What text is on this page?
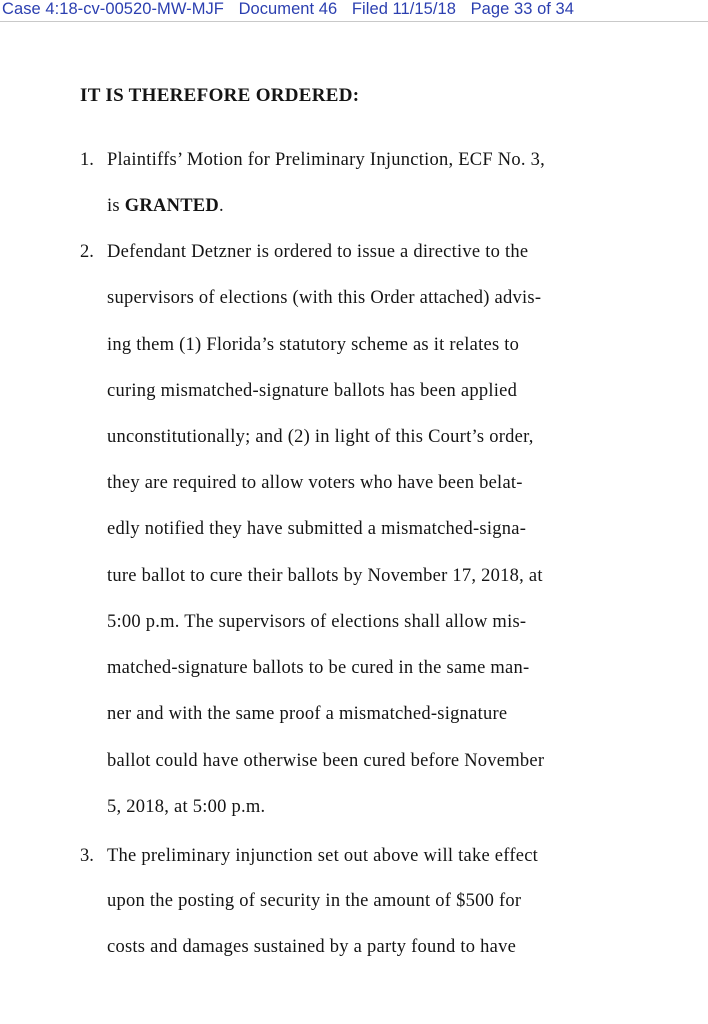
Case 4:18-cv-00520-MW-MJF Document 46 Filed 11/15/18 Page 33 of 34
IT IS THEREFORE ORDERED:
1. Plaintiffs’ Motion for Preliminary Injunction, ECF No. 3,
is GRANTED.
2. Defendant Detzner is ordered to issue a directive to the
supervisors of elections (with this Order attached) advis-
ing them (1) Florida’s statutory scheme as it relates to
curing mismatched-signature ballots has been applied
unconstitutionally; and (2) in light of this Court’s order,
they are required to allow voters who have been belat-
edly notified they have submitted a mismatched-signa-
ture ballot to cure their ballots by November 17, 2018, at
5:00 p.m. The supervisors of elections shall allow mis-
matched-signature ballots to be cured in the same man-
ner and with the same proof a mismatched-signature
ballot could have otherwise been cured before November
5, 2018, at 5:00 p.m.
3. The preliminary injunction set out above will take effect
upon the posting of security in the amount of $500 for
costs and damages sustained by a party found to have
